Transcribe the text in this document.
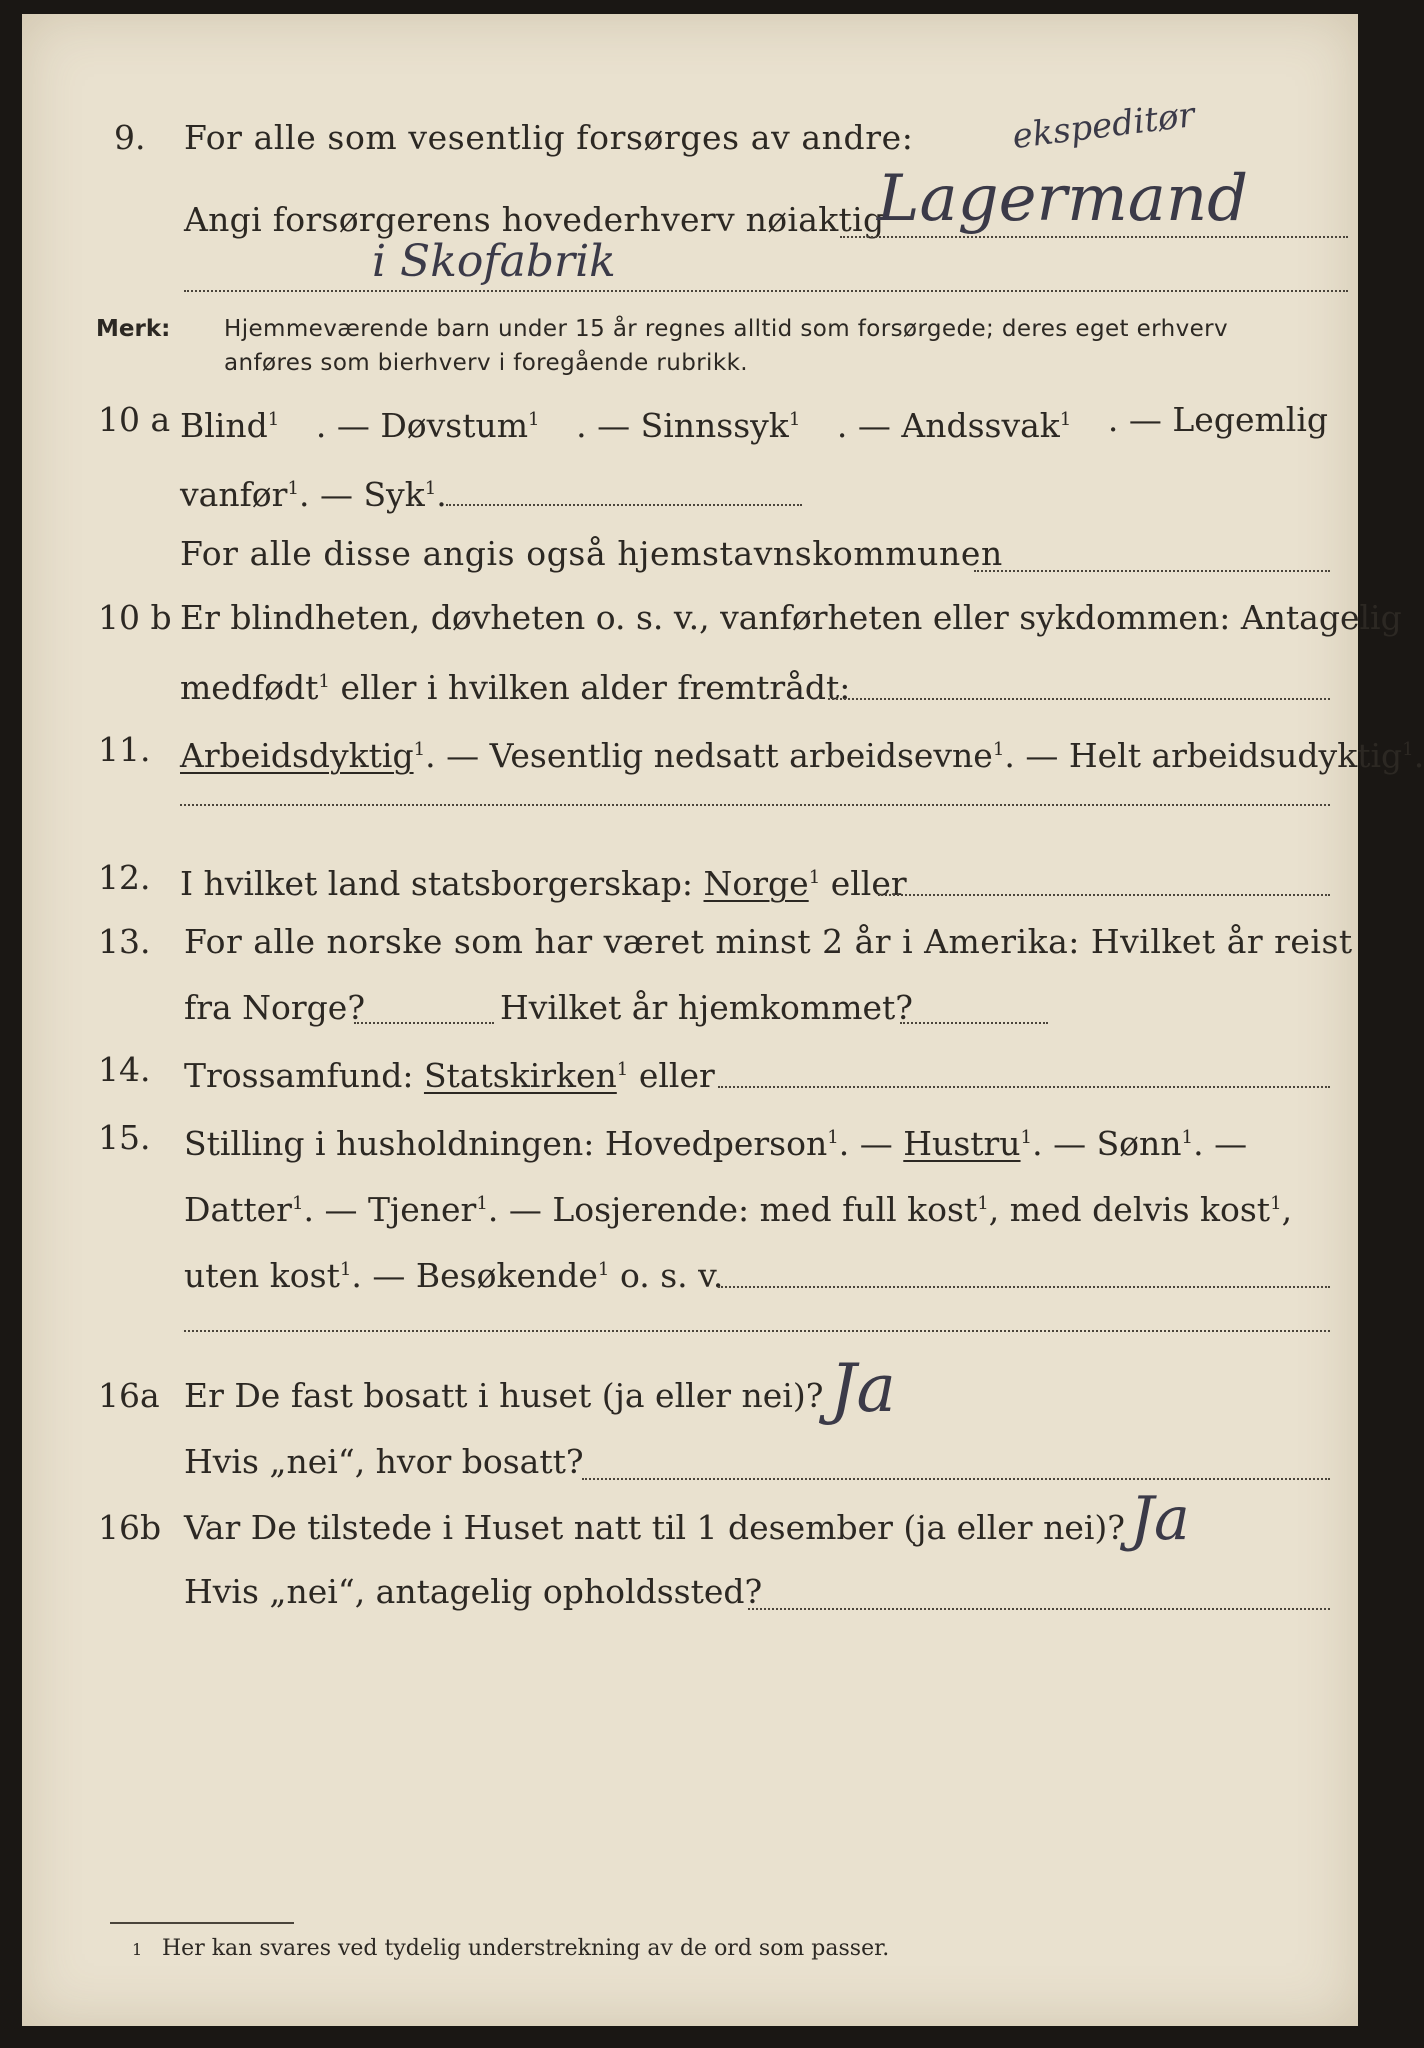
9. For alle som vesentlig forsørges av andre:
Angi forsørgerens hovederhverv nøiaktig
ekspeditør
Lagermand
i Skofabrik
Merk: Hjemmeværende barn under 15 år regnes alltid som forsørgede; deres eget erhverv
anføres som bierhverv i foregående rubrikk.
10 a Blind$^1$ . — Døvstum$^1$ . — Sinnssyk$^1$ . — Andssvak$^1$ . — Legemlig
vanfør$^1$. — Syk$^1$.
For alle disse angis også hjemstavnskommunen
10 b Er blindheten, døvheten o. s. v., vanførheten eller sykdommen: Antagelig
medfødt$^1$ eller i hvilken alder fremtrådt:
11. Arbeidsdyktig$^1$. — Vesentlig nedsatt arbeidsevne$^1$. — Helt arbeidsudyktig$^1$.
12. I hvilket land statsborgerskap: Norge$^1$ eller
13. For alle norske som har været minst 2 år i Amerika: Hvilket år reist
fra Norge?	Hvilket år hjemkommet?
14. Trossamfund: Statskirken$^1$ eller
15. Stilling i husholdningen: Hovedperson$^1$. — Hustru$^1$. — Sønn$^1$. —
Datter$^1$. — Tjener$^1$. — Losjerende: med full kost$^1$, med delvis kost$^1$,
uten kost$^1$. — Besøkende$^1$ o. s. v.
16a Er De fast bosatt i huset (ja eller nei)? Ja
Hvis „nei“, hvor bosatt?
16b Var De tilstede i Huset natt til 1 desember (ja eller nei)? Ja
Hvis „nei“, antagelig opholdssted?
1 Her kan svares ved tydelig understrekning av de ord som passer.
